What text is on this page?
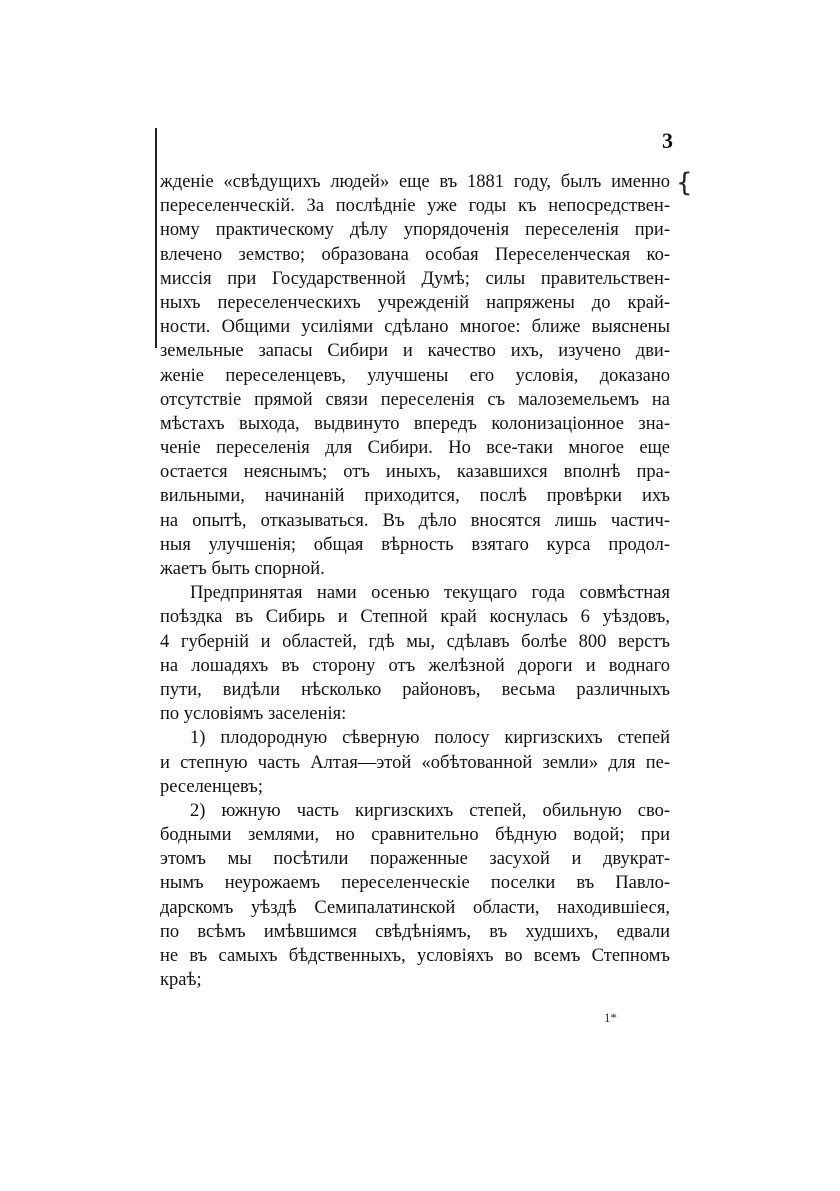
3
{
жденіе «свѣдущихъ людей» еще въ 1881 году, былъ именно
переселенческій. За послѣдніе уже годы къ непосредствен-
ному практическому дѣлу упорядоченія переселенія при-
влечено земство; образована особая Переселенческая ко-
миссія при Государственной Думѣ; силы правительствен-
ныхъ переселенческихъ учрежденій напряжены до край-
ности. Общими усиліями сдѣлано многое: ближе выяснены
земельные запасы Сибири и качество ихъ, изучено дви-
женіе переселенцевъ, улучшены его условія, доказано
отсутствіе прямой связи переселенія съ малоземельемъ на
мѣстахъ выхода, выдвинуто впередъ колонизаціонное зна-
ченіе переселенія для Сибири. Но все-таки многое еще
остается неяснымъ; отъ иныхъ, казавшихся вполнѣ пра-
вильными, начинаній приходится, послѣ провѣрки ихъ
на опытѣ, отказываться. Въ дѣло вносятся лишь частич-
ныя улучшенія; общая вѣрность взятаго курса продол-
жаетъ быть спорной.
Предпринятая нами осенью текущаго года совмѣстная
поѣздка въ Сибирь и Степной край коснулась 6 уѣздовъ,
4 губерній и областей, гдѣ мы, сдѣлавъ болѣе 800 верстъ
на лошадяхъ въ сторону отъ желѣзной дороги и воднаго
пути, видѣли нѣсколько районовъ, весьма различныхъ
по условіямъ заселенія:
1) плодородную сѣверную полосу киргизскихъ степей
и степную часть Алтая—этой «обѣтованной земли» для пе-
реселенцевъ;
2) южную часть киргизскихъ степей, обильную сво-
бодными землями, но сравнительно бѣдную водой; при
этомъ мы посѣтили пораженные засухой и двукрат-
нымъ неурожаемъ переселенческіе поселки въ Павло-
дарскомъ уѣздѣ Семипалатинской области, находившіеся,
по всѣмъ имѣвшимся свѣдѣніямъ, въ худшихъ, едвали
не въ самыхъ бѣдственныхъ, условіяхъ во всемъ Степномъ
краѣ;
1*
